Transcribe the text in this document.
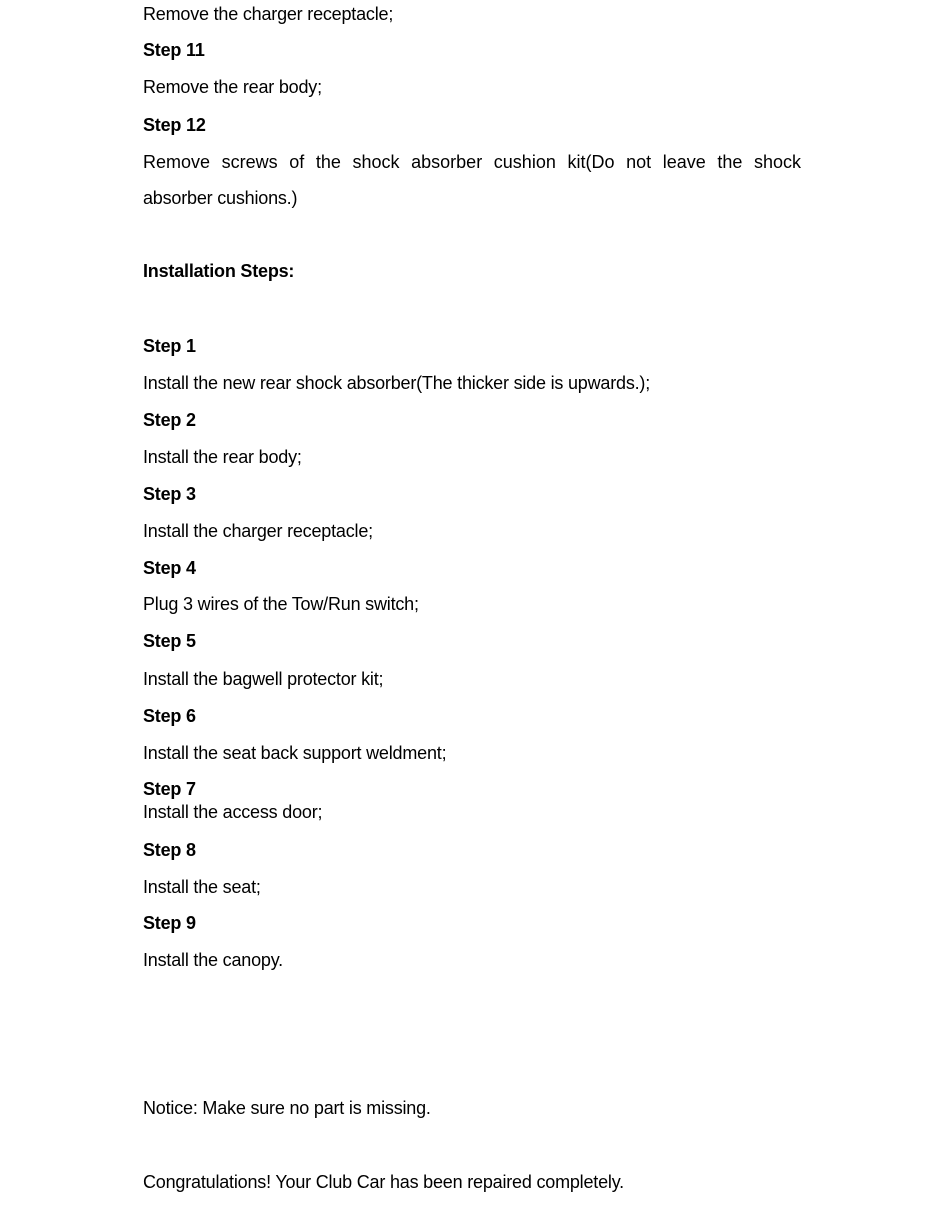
Remove the charger receptacle;
Step 11
Remove the rear body;
Step 12
Remove screws of the shock absorber cushion kit(Do not leave the shock
absorber cushions.)
Installation Steps:
Step 1
Install the new rear shock absorber(The thicker side is upwards.);
Step 2
Install the rear body;
Step 3
Install the charger receptacle;
Step 4
Plug 3 wires of the Tow/Run switch;
Step 5
Install the bagwell protector kit;
Step 6
Install the seat back support weldment;
Step 7
Install the access door;
Step 8
Install the seat;
Step 9
Install the canopy.
Notice: Make sure no part is missing.
Congratulations! Your Club Car has been repaired completely.
